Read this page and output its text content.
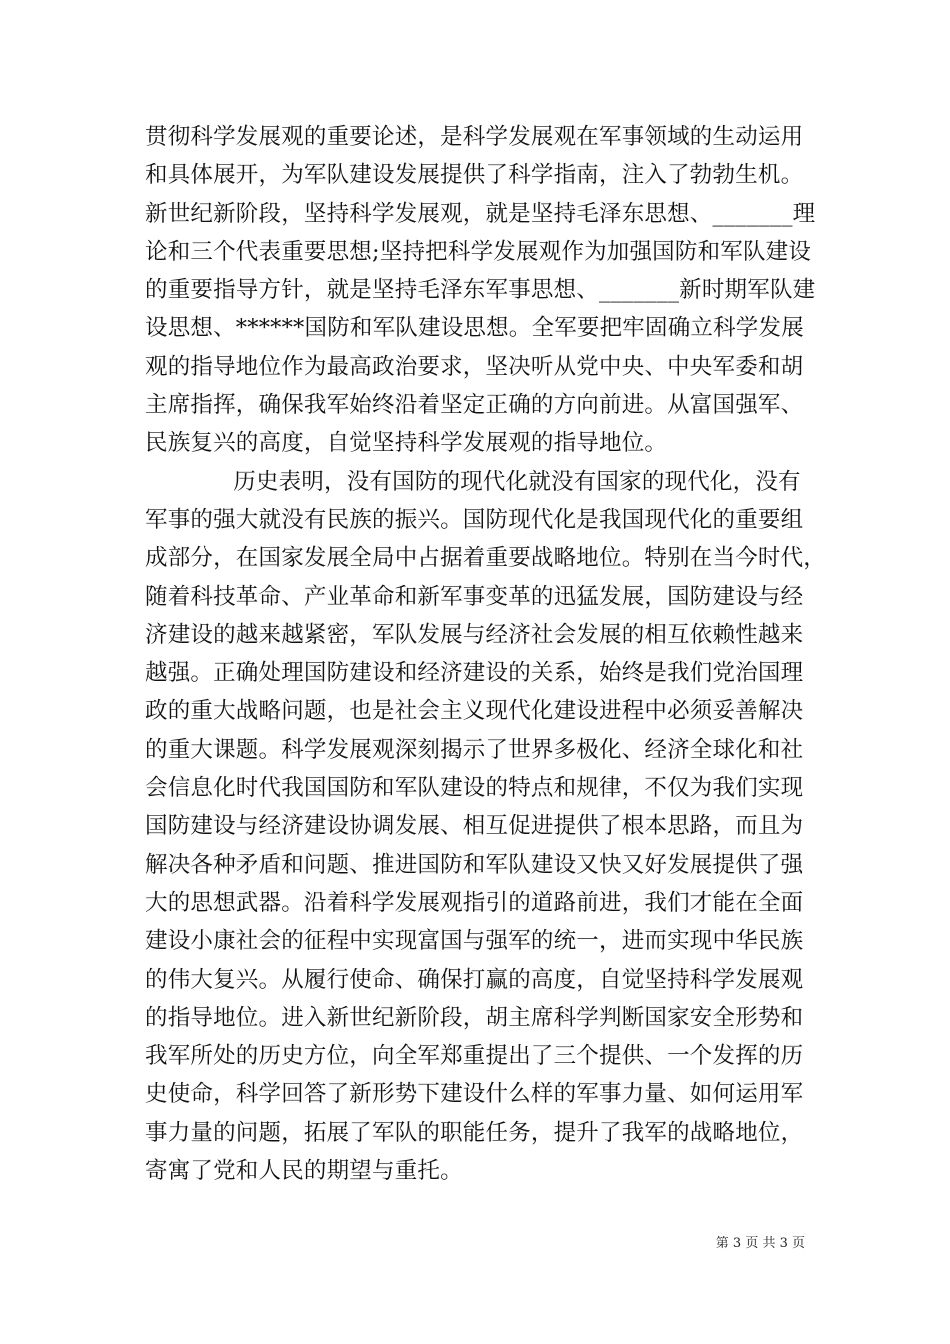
贯彻科学发展观的重要论述，是科学发展观在军事领域的生动运用
和具体展开，为军队建设发展提供了科学指南，注入了勃勃生机。
新世纪新阶段，坚持科学发展观，就是坚持毛泽东思想、_______理
论和三个代表重要思想;坚持把科学发展观作为加强国防和军队建设
的重要指导方针，就是坚持毛泽东军事思想、_______新时期军队建
设思想、******国防和军队建设思想。全军要把牢固确立科学发展
观的指导地位作为最高政治要求，坚决听从党中央、中央军委和胡
主席指挥，确保我军始终沿着坚定正确的方向前进。从富国强军、
民族复兴的高度，自觉坚持科学发展观的指导地位。
历史表明，没有国防的现代化就没有国家的现代化，没有
军事的强大就没有民族的振兴。国防现代化是我国现代化的重要组
成部分，在国家发展全局中占据着重要战略地位。特别在当今时代，
随着科技革命、产业革命和新军事变革的迅猛发展，国防建设与经
济建设的越来越紧密，军队发展与经济社会发展的相互依赖性越来
越强。正确处理国防建设和经济建设的关系，始终是我们党治国理
政的重大战略问题，也是社会主义现代化建设进程中必须妥善解决
的重大课题。科学发展观深刻揭示了世界多极化、经济全球化和社
会信息化时代我国国防和军队建设的特点和规律，不仅为我们实现
国防建设与经济建设协调发展、相互促进提供了根本思路，而且为
解决各种矛盾和问题、推进国防和军队建设又快又好发展提供了强
大的思想武器。沿着科学发展观指引的道路前进，我们才能在全面
建设小康社会的征程中实现富国与强军的统一，进而实现中华民族
的伟大复兴。从履行使命、确保打赢的高度，自觉坚持科学发展观
的指导地位。进入新世纪新阶段，胡主席科学判断国家安全形势和
我军所处的历史方位，向全军郑重提出了三个提供、一个发挥的历
史使命，科学回答了新形势下建设什么样的军事力量、如何运用军
事力量的问题，拓展了军队的职能任务，提升了我军的战略地位，
寄寓了党和人民的期望与重托。
第 3 页 共 3 页
